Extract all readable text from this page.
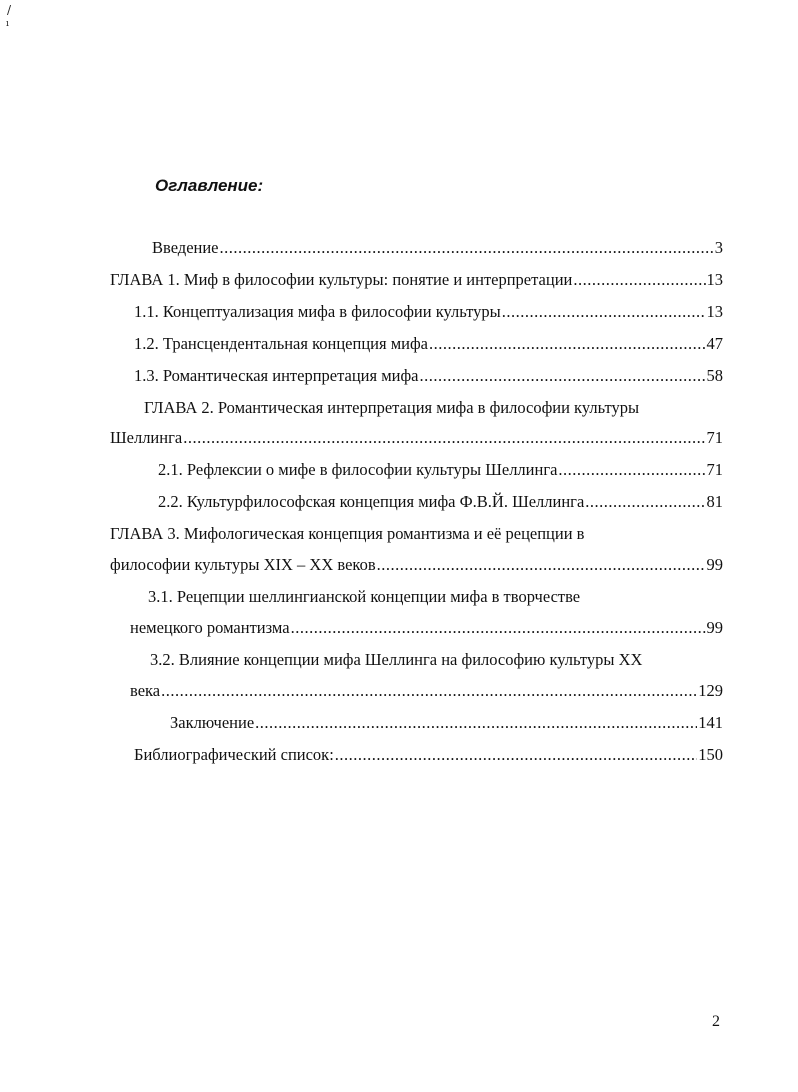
/
ı
Оглавление:
Введение .....	3
ГЛАВА 1. Миф в философии культуры: понятие и интерпретации .....	13
1.1. Концептуализация мифа в философии культуры .....	13
1.2. Трансцендентальная концепция мифа .....	47
1.3. Романтическая интерпретация мифа .....	58
ГЛАВА 2. Романтическая интерпретация мифа в философии культуры
Шеллинга .....	71
2.1. Рефлексии о мифе в философии культуры Шеллинга .....	71
2.2. Культурфилософская концепция мифа Ф.В.Й. Шеллинга .....	81
ГЛАВА 3. Мифологическая концепция романтизма и её рецепции в
философии культуры XIX – XX веков .....	99
3.1. Рецепции шеллингианской концепции мифа в творчестве
немецкого романтизма .....	99
3.2. Влияние концепции мифа Шеллинга на философию культуры XX
века .....	129
Заключение .....	141
Библиографический список: .....	150
2
